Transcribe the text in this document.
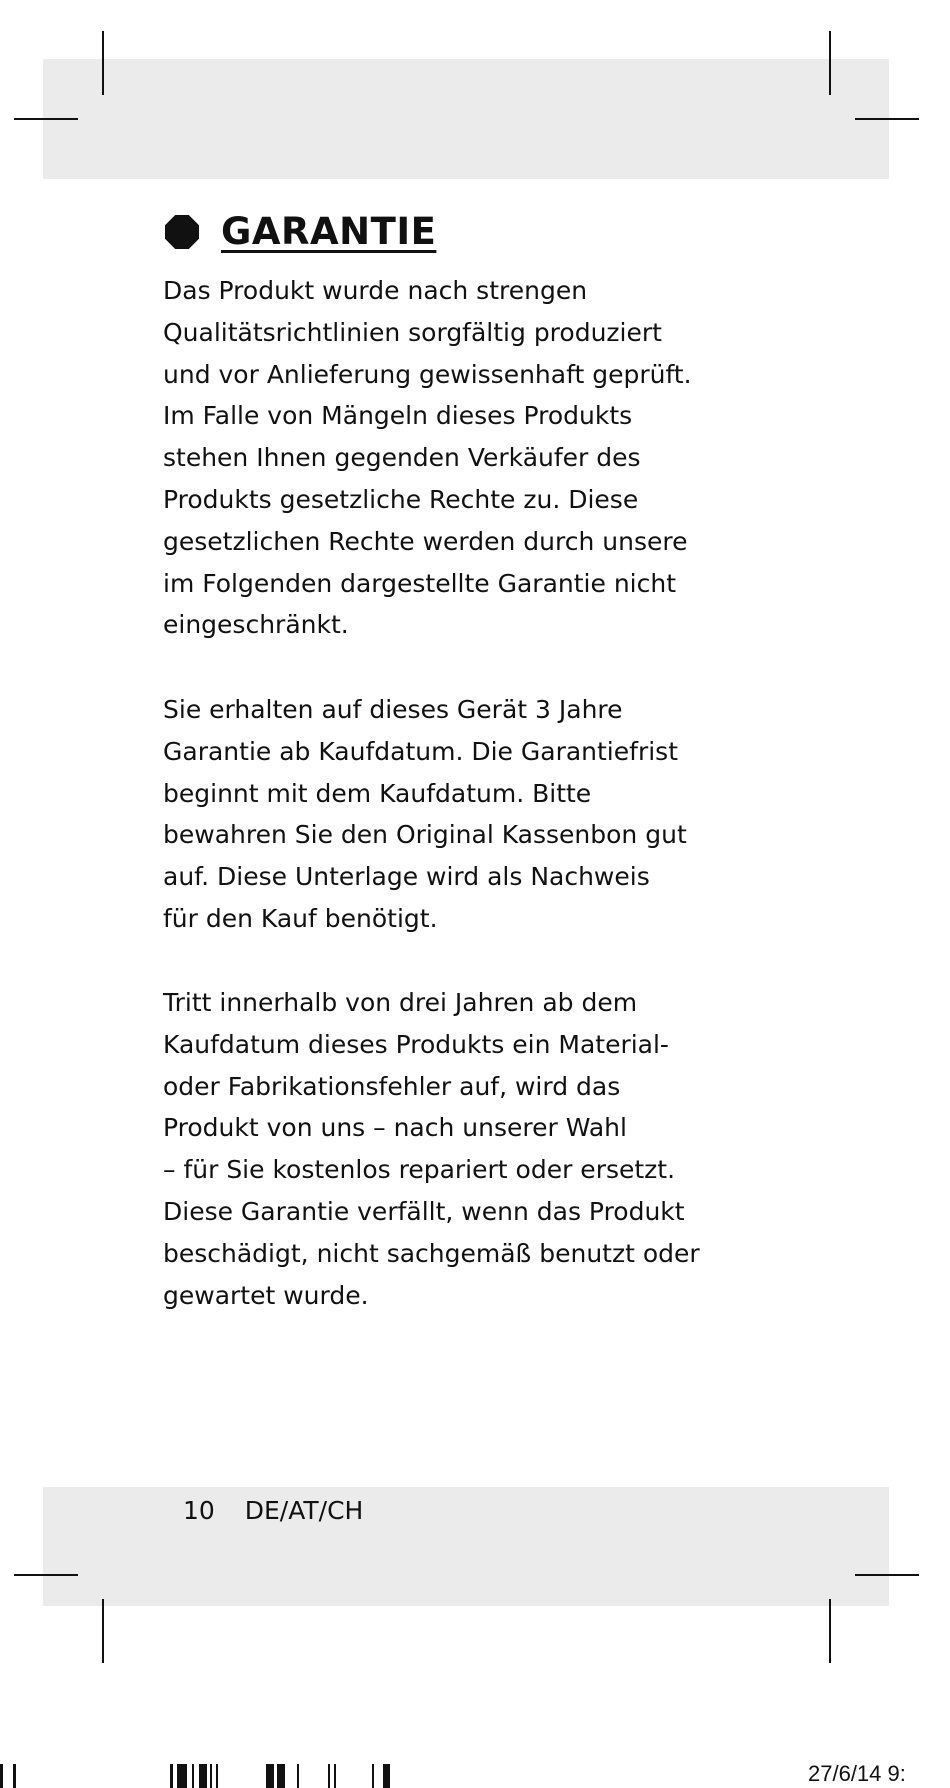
GARANTIE

Das Produkt wurde nach strengen
Qualitätsrichtlinien sorgfältig produziert
und vor Anlieferung gewissenhaft geprüft.
Im Falle von Mängeln dieses Produkts
stehen Ihnen gegenden Verkäufer des
Produkts gesetzliche Rechte zu. Diese
gesetzlichen Rechte werden durch unsere
im Folgenden dargestellte Garantie nicht
eingeschränkt.

Sie erhalten auf dieses Gerät 3 Jahre
Garantie ab Kaufdatum. Die Garantiefrist
beginnt mit dem Kaufdatum. Bitte
bewahren Sie den Original Kassenbon gut
auf. Diese Unterlage wird als Nachweis
für den Kauf benötigt.

Tritt innerhalb von drei Jahren ab dem
Kaufdatum dieses Produkts ein Material-
oder Fabrikationsfehler auf, wird das
Produkt von uns – nach unserer Wahl
– für Sie kostenlos repariert oder ersetzt.
Diese Garantie verfällt, wenn das Produkt
beschädigt, nicht sachgemäß benutzt oder
gewartet wurde.

10 DE/AT/CH
27/6/14 9:
